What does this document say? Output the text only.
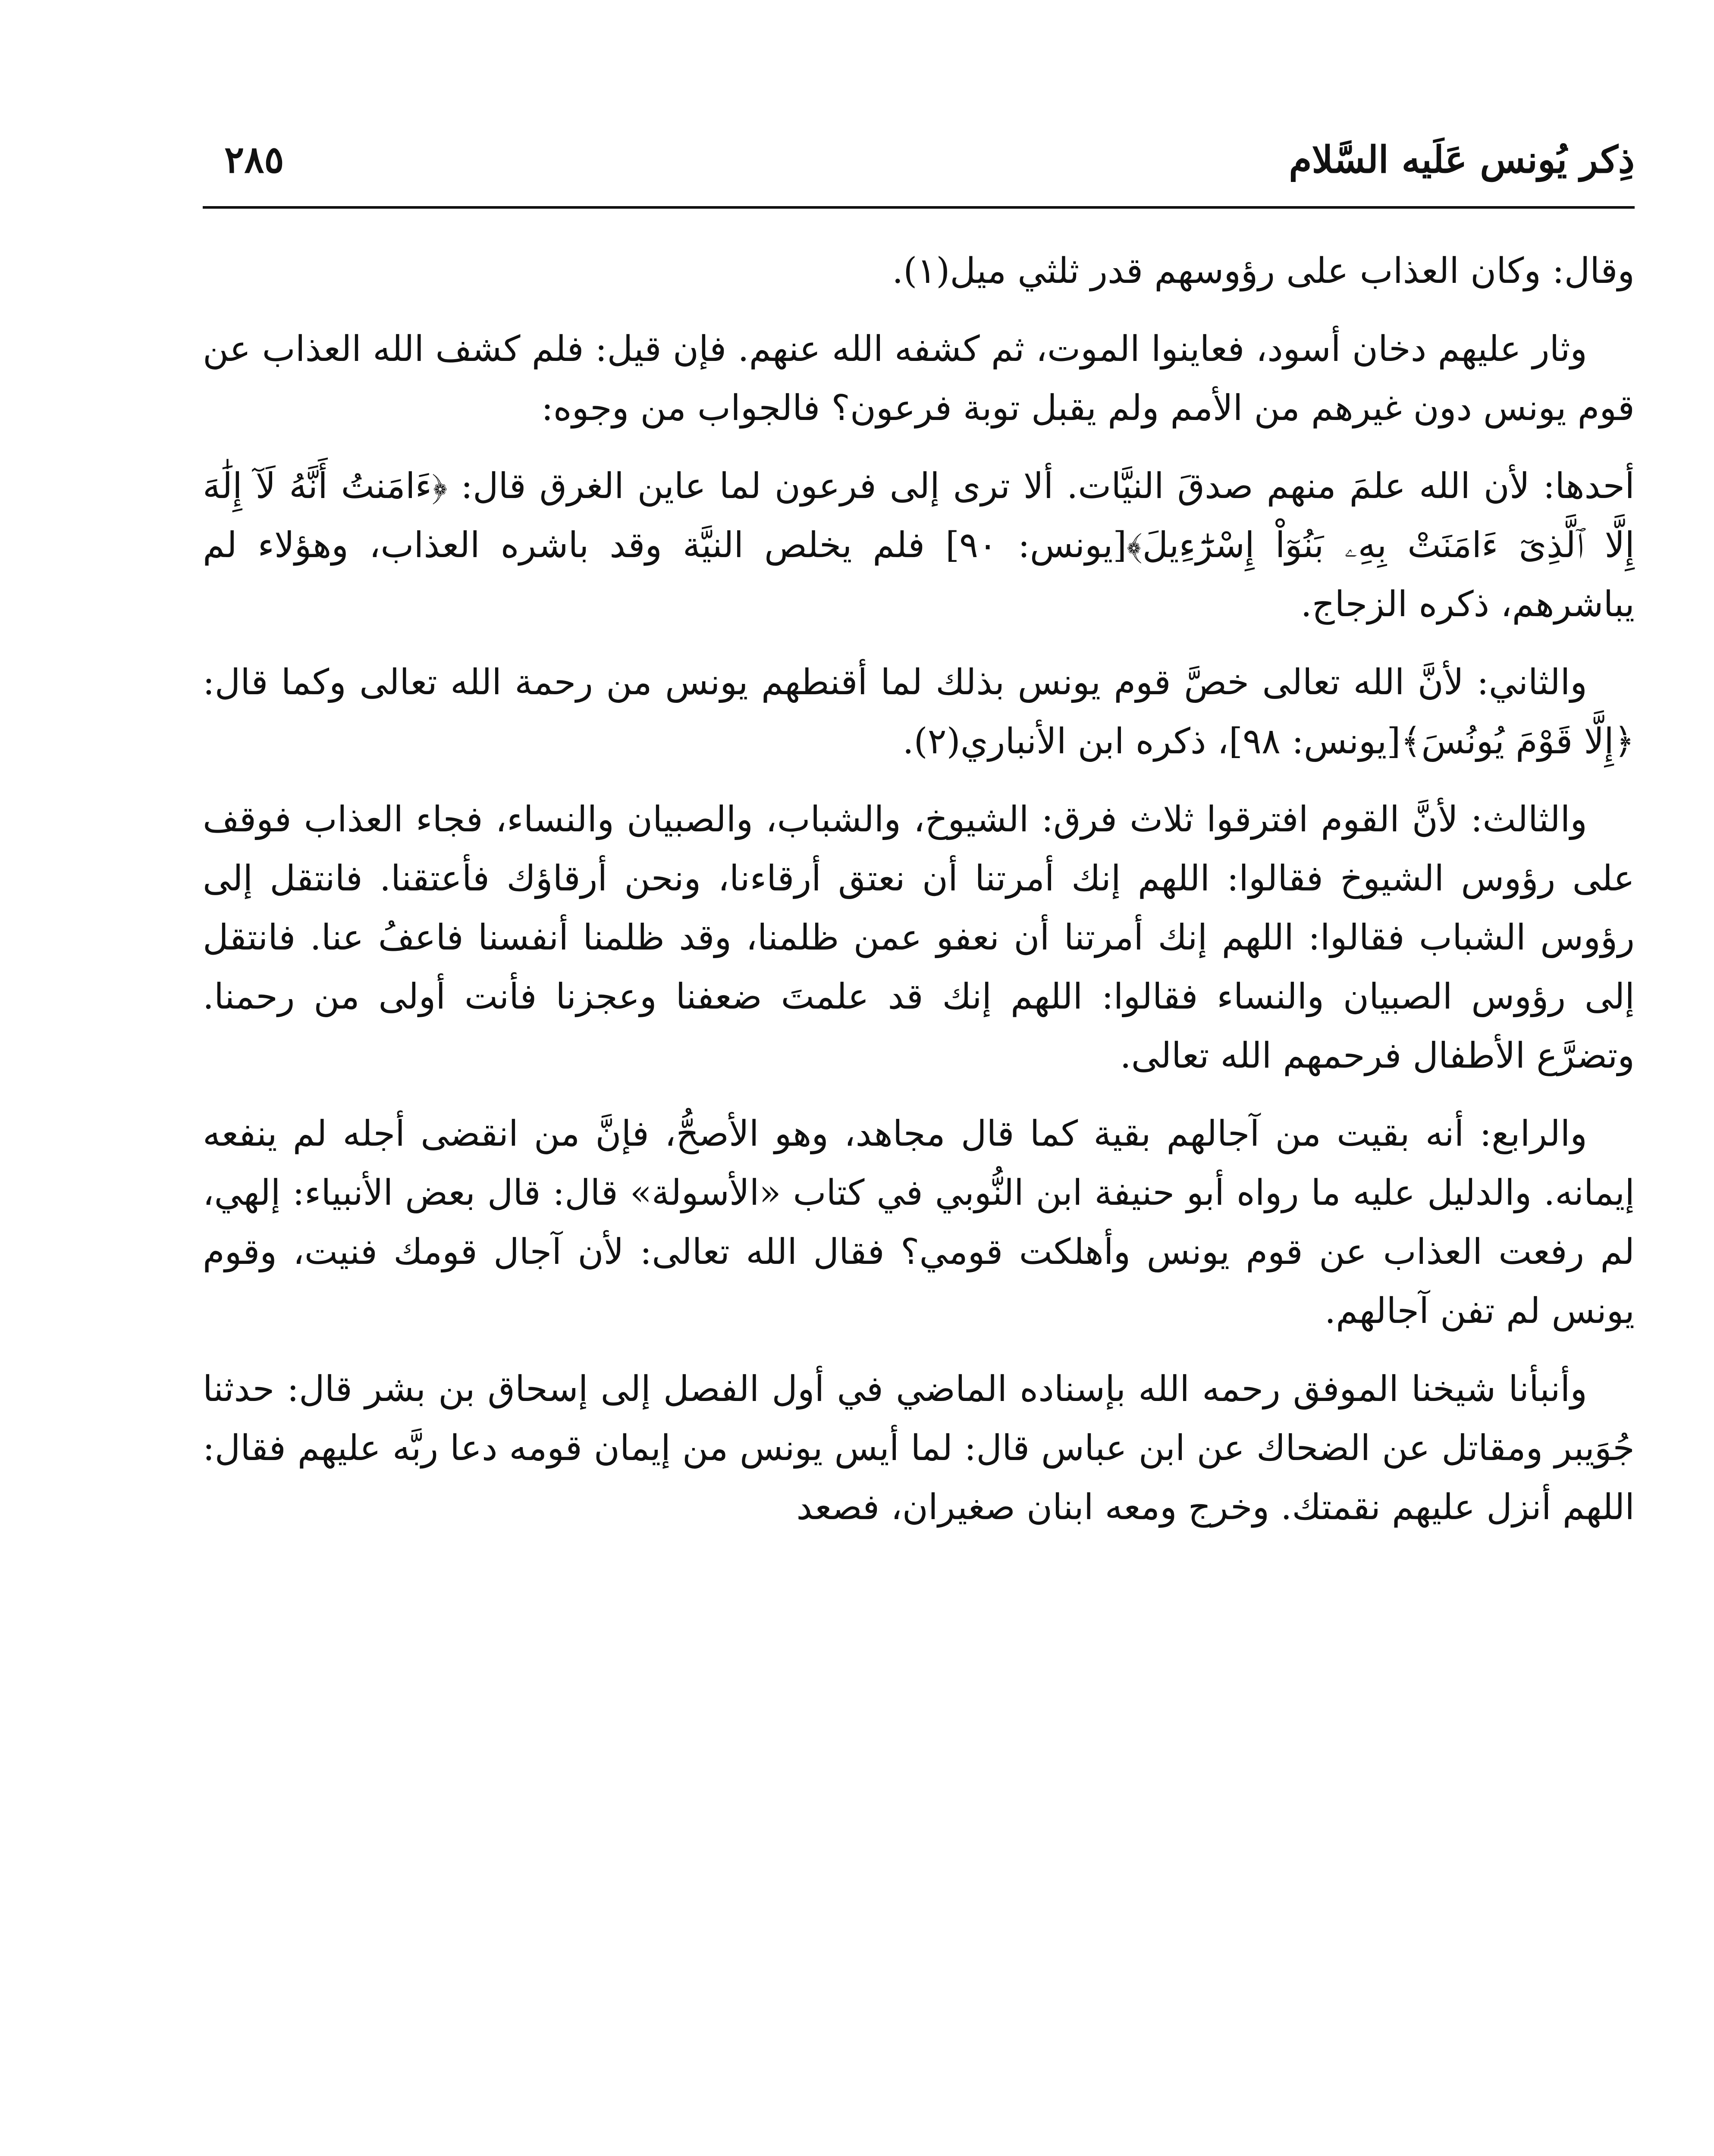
ذِكر يُونس عَلَيه السَّلام
٢٨٥

وقال: وكان العذاب على رؤوسهم قدر ثلثي ميل(١).

وثار عليهم دخان أسود، فعاينوا الموت، ثم كشفه الله عنهم. فإن قيل: فلم كشف الله العذاب عن قوم يونس دون غيرهم من الأمم ولم يقبل توبة فرعون؟ فالجواب من وجوه:

أحدها: لأن الله علمَ منهم صدقَ النيَّات. ألا ترى إلى فرعون لما عاين الغرق قال: ﴿ءَامَنتُ أَنَّهُ لَآ إِلَٰهَ إِلَّا ٱلَّذِىٓ ءَامَنَتْ بِهِۦ بَنُوٓاْ إِسْرَٰٓءِيلَ﴾[يونس: ٩٠] فلم يخلص النيَّة وقد باشره العذاب، وهؤلاء لم يباشرهم، ذكره الزجاج.

والثاني: لأنَّ الله تعالى خصَّ قوم يونس بذلك لما أقنطهم يونس من رحمة الله تعالى وكما قال: ﴿إِلَّا قَوْمَ يُونُسَ﴾[يونس: ٩٨]، ذكره ابن الأنباري(٢).

والثالث: لأنَّ القوم افترقوا ثلاث فرق: الشيوخ، والشباب، والصبيان والنساء، فجاء العذاب فوقف على رؤوس الشيوخ فقالوا: اللهم إنك أمرتنا أن نعتق أرقاءنا، ونحن أرقاؤك فأعتقنا. فانتقل إلى رؤوس الشباب فقالوا: اللهم إنك أمرتنا أن نعفو عمن ظلمنا، وقد ظلمنا أنفسنا فاعفُ عنا. فانتقل إلى رؤوس الصبيان والنساء فقالوا: اللهم إنك قد علمتَ ضعفنا وعجزنا فأنت أولى من رحمنا. وتضرَّع الأطفال فرحمهم الله تعالى.

والرابع: أنه بقيت من آجالهم بقية كما قال مجاهد، وهو الأصحُّ، فإنَّ من انقضى أجله لم ينفعه إيمانه. والدليل عليه ما رواه أبو حنيفة ابن النُّوبي في كتاب «الأسولة» قال: قال بعض الأنبياء: إلهي، لم رفعت العذاب عن قوم يونس وأهلكت قومي؟ فقال الله تعالى: لأن آجال قومك فنيت، وقوم يونس لم تفن آجالهم.

وأنبأنا شيخنا الموفق رحمه الله بإسناده الماضي في أول الفصل إلى إسحاق بن بشر قال: حدثنا جُوَيبر ومقاتل عن الضحاك عن ابن عباس قال: لما أيس يونس من إيمان قومه دعا ربَّه عليهم فقال: اللهم أنزل عليهم نقمتك. وخرج ومعه ابنان صغيران، فصعد
